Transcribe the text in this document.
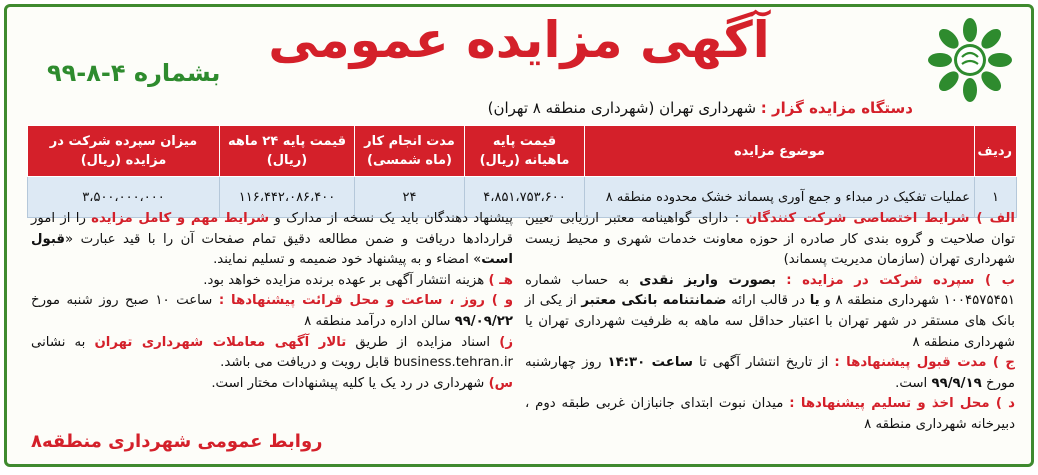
آگهی مزایده عمومی
بشماره ۴-۸-۹۹
دستگاه مزایده گزار : شهرداری تهران (شهرداری منطقه ۸ تهران)
ردیف	موضوع مزایده	قیمت پایه ماهیانه (ریال)	مدت انجام کار (ماه شمسی)	قیمت پایه ۲۴ ماهه (ریال)	میزان سپرده شرکت در مزایده (ریال)
۱	عملیات تفکیک در مبداء و جمع آوری پسماند خشک محدوده منطقه ۸	۴،۸۵۱،۷۵۳،۶۰۰	۲۴	۱۱۶،۴۴۲،۰۸۶،۴۰۰	۳،۵۰۰،۰۰۰،۰۰۰

الف ) شرایط اختصاصی شرکت کنندگان : دارای گواهینامه معتبر ارزیابی تعیین توان صلاحیت و گروه بندی کار صادره از حوزه معاونت خدمات شهری و محیط زیست شهرداری تهران (سازمان مدیریت پسماند)

ب ) سپرده شرکت در مزایده : بصورت واریز نقدی به حساب شماره ۱۰۰۴۵۷۵۴۵۱ شهرداری منطقه ۸ و یا در قالب ارائه ضمانتنامه بانکی معتبر از یکی از بانک های مستقر در شهر تهران با اعتبار حداقل سه ماهه به ظرفیت شهرداری تهران یا شهرداری منطقه ۸

ج ) مدت قبول پیشنهادها : از تاریخ انتشار آگهی تا ساعت ۱۴:۳۰ روز چهارشنبه مورخ ۹۹/۹/۱۹ است.

د ) محل اخذ و تسلیم پیشنهادها : میدان نبوت ابتدای جانبازان غربی طبقه دوم ، دبیرخانه شهرداری منطقه ۸

پیشنهاد دهندگان باید یک نسخه از مدارک و شرایط مهم و کامل مزایده را از امور قراردادها دریافت و ضمن مطالعه دقیق تمام صفحات آن را با قید عبارت «قبول است» امضاء و به پیشنهاد خود ضمیمه و تسلیم نمایند.

هـ ) هزینه انتشار آگهی بر عهده برنده مزایده خواهد بود.

و ) روز ، ساعت و محل قرائت پیشنهادها : ساعت ۱۰ صبح روز شنبه مورخ ۹۹/۰۹/۲۲ سالن اداره درآمد منطقه ۸

ز) اسناد مزایده از طریق تالار آگهی معاملات شهرداری تهران به نشانی business.tehran.ir قابل رویت و دریافت می باشد.

س) شهرداری در رد یک یا کلیه پیشنهادات مختار است.

روابط عمومی شهرداری منطقه۸
